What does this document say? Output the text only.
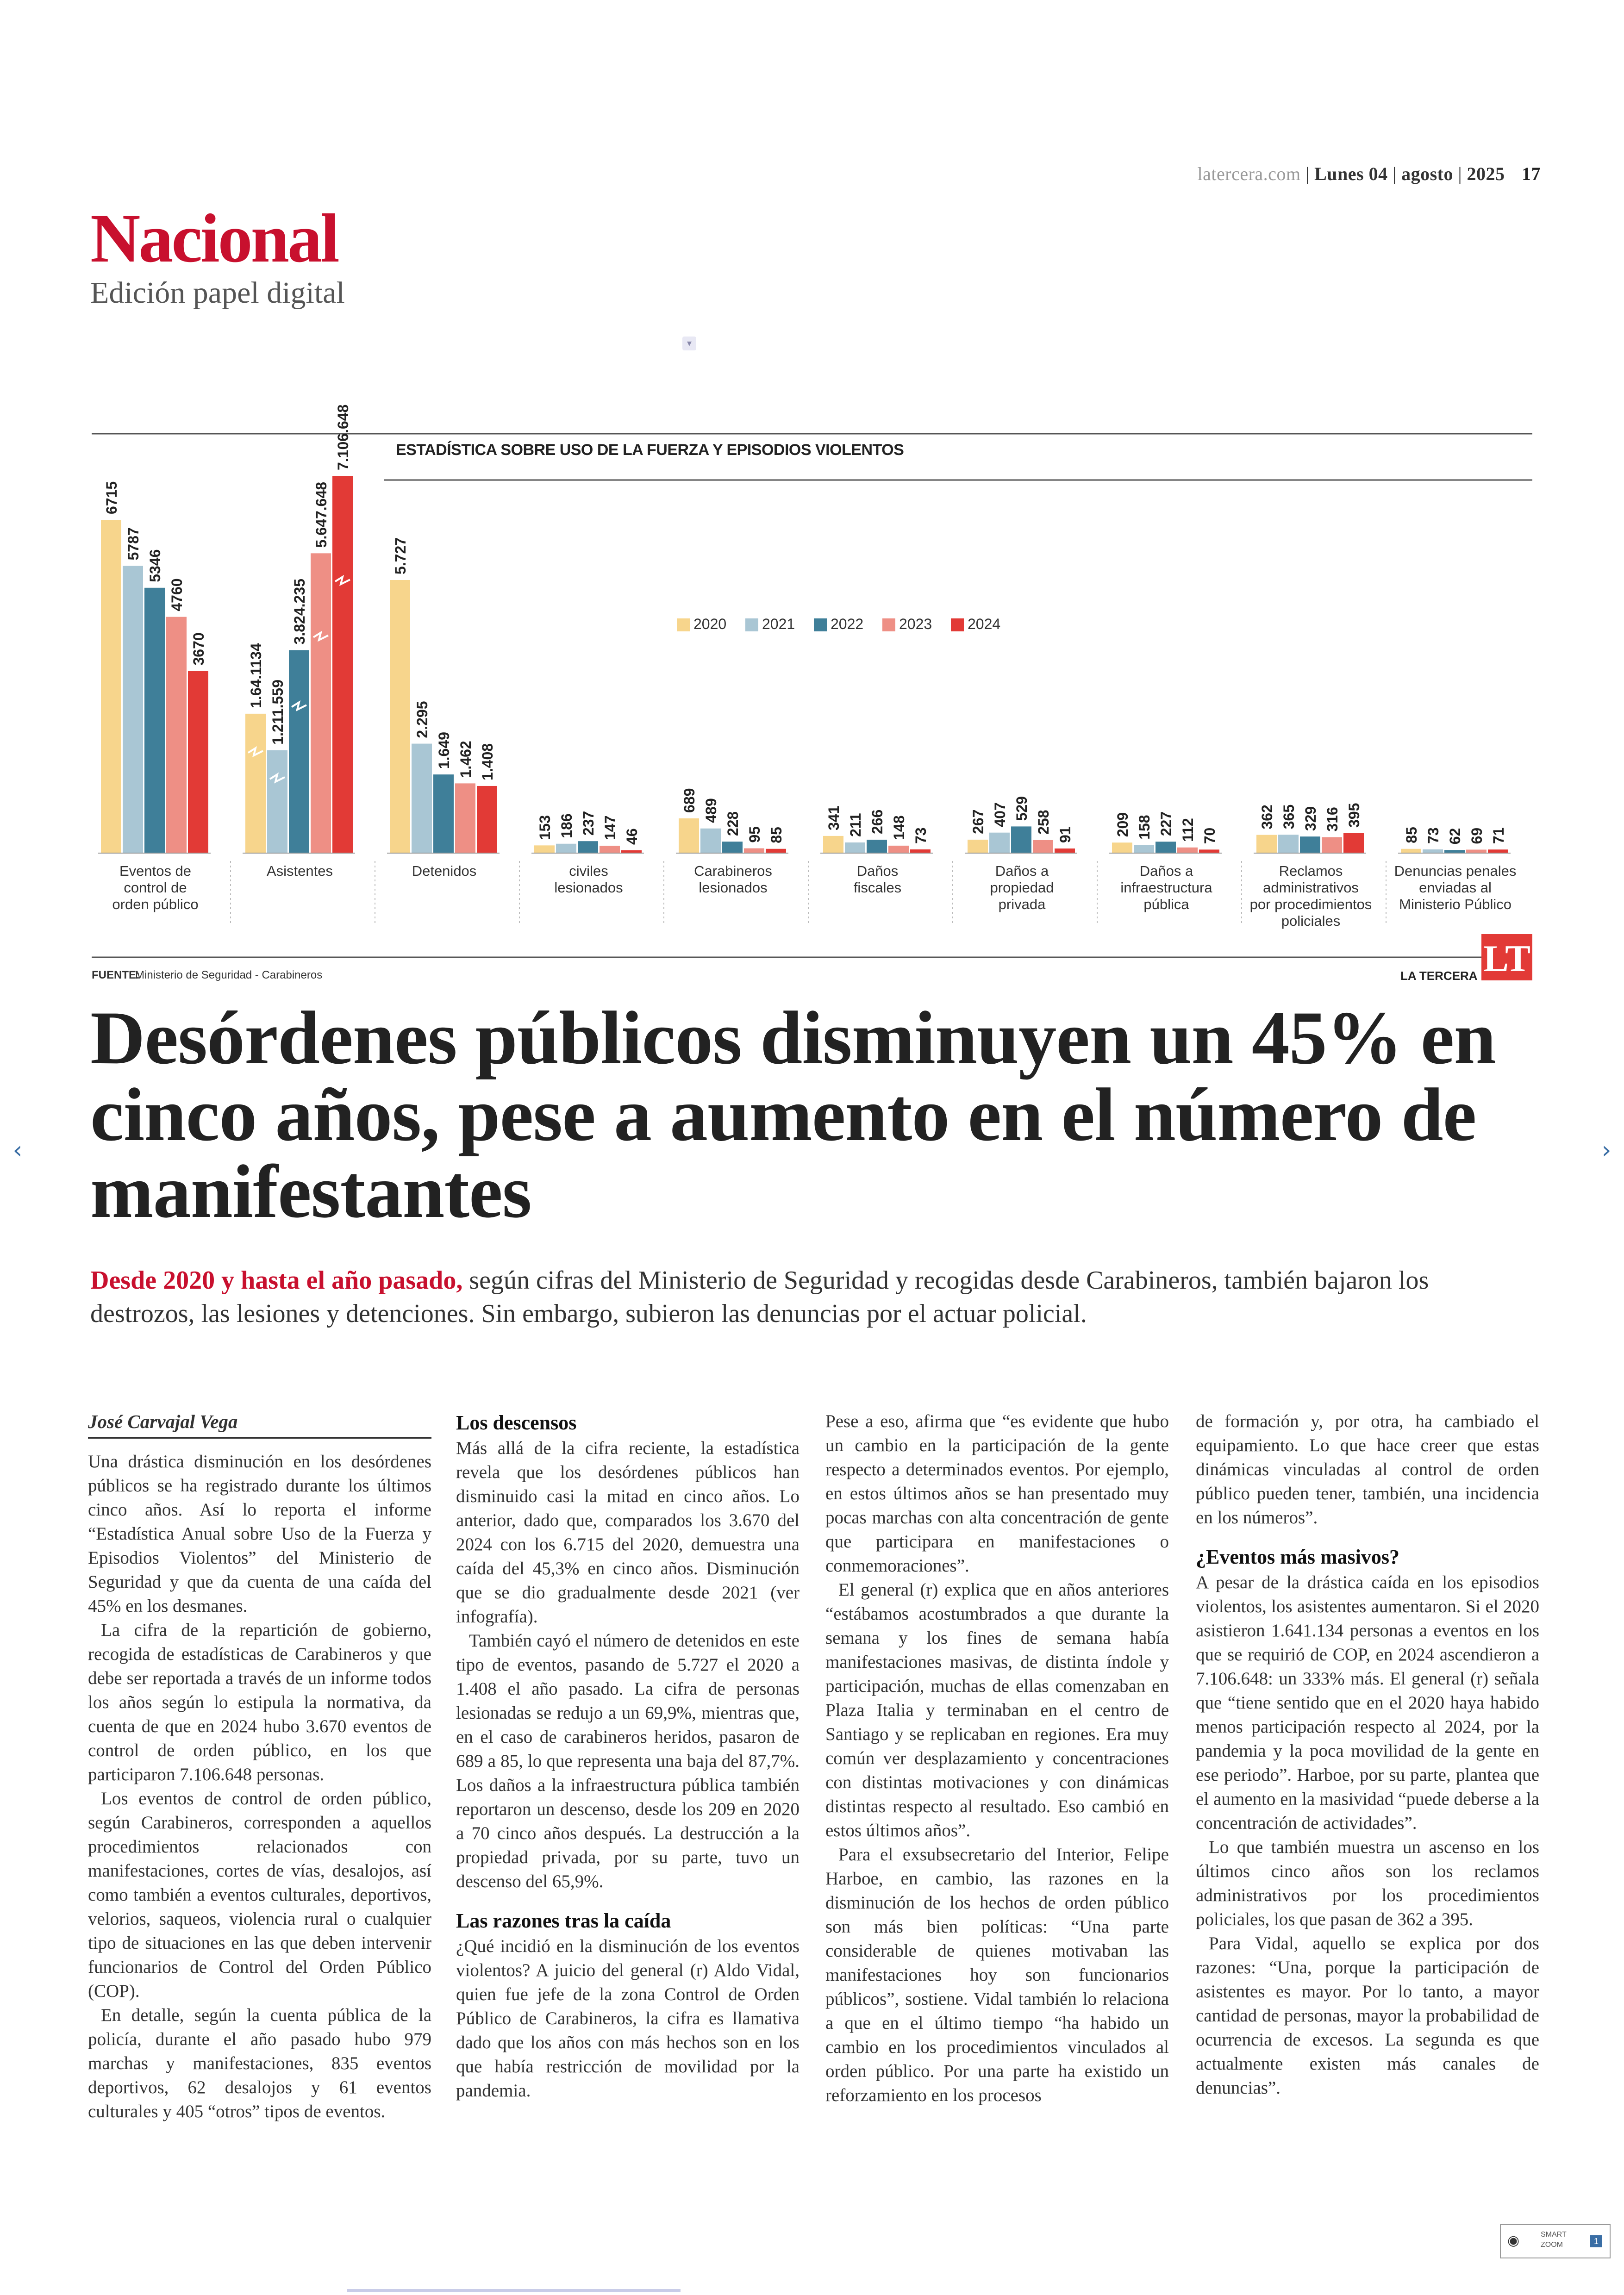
latercera.com | Lunes 04 | agosto | 2025 17
Nacional
Edición papel digital
▾
ESTADÍSTICA SOBRE USO DE LA FUERZA Y EPISODIOS VIOLENTOS
2020 2021 2022 2023 2024
6715
5787
5346
4760
3670
Eventos de
control de
orden público
1.64.1134
1.211.559
3.824.235
5.647.648
7.106.648
Asistentes
5.727
2.295
1.649 1.462 1.408
Detenidos
153 186 237 147 46
civiles
lesionados
689 489
228 95 85
Carabineros
lesionados
341 211 266 148 73
Daños
fiscales
267 407 529
258
91
Daños a
propiedad
privada
209 158 227 112 70
Daños a
infraestructura
pública
362 365 329 316 395
Reclamos
administrativos
por procedimientos
policiales
85 73 62 69 71
Denuncias penales
enviadas al
Ministerio Público
FUENTE:
Ministerio de Seguridad - Carabineros	LA TERCERA LT
Desórdenes públicos disminuyen un 45% en cinco años, pese a aumento en el número de manifestantes
Desde 2020 y hasta el año pasado, según cifras del Ministerio de Seguridad y recogidas desde Carabineros, también bajaron los destrozos, las lesiones y detenciones. Sin embargo, subieron las denuncias por el actuar policial.
José Carvajal Vega

Una drástica disminución en los desórdenes públicos se ha registrado durante los últimos cinco años. Así lo reporta el informe “Estadística Anual sobre Uso de la Fuerza y Episodios Violentos” del Ministerio de Seguridad y que da cuenta de una caída del 45% en los desmanes.

La cifra de la repartición de gobierno, recogida de estadísticas de Carabineros y que debe ser reportada a través de un informe todos los años según lo estipula la normativa, da cuenta de que en 2024 hubo 3.670 eventos de control de orden público, en los que participaron 7.106.648 personas.

Los eventos de control de orden público, según Carabineros, corresponden a aquellos procedimientos relacionados con manifestaciones, cortes de vías, desalojos, así como también a eventos culturales, deportivos, velorios, saqueos, violencia rural o cualquier tipo de situaciones en las que deben intervenir funcionarios de Control del Orden Público (COP).

En detalle, según la cuenta pública de la policía, durante el año pasado hubo 979 marchas y manifestaciones, 835 eventos deportivos, 62 desalojos y 61 eventos culturales y 405 “otros” tipos de eventos.

Los descensos

Más allá de la cifra reciente, la estadística revela que los desórdenes públicos han disminuido casi la mitad en cinco años. Lo anterior, dado que, comparados los 3.670 del 2024 con los 6.715 del 2020, demuestra una caída del 45,3% en cinco años. Disminución que se dio gradualmente desde 2021 (ver infografía).

También cayó el número de detenidos en este tipo de eventos, pasando de 5.727 el 2020 a 1.408 el año pasado. La cifra de personas lesionadas se redujo a un 69,9%, mientras que, en el caso de carabineros heridos, pasaron de 689 a 85, lo que representa una baja del 87,7%. Los daños a la infraestructura pública también reportaron un descenso, desde los 209 en 2020 a 70 cinco años después. La destrucción a la propiedad privada, por su parte, tuvo un descenso del 65,9%.

Las razones tras la caída

¿Qué incidió en la disminución de los eventos violentos? A juicio del general (r) Aldo Vidal, quien fue jefe de la zona Control de Orden Público de Carabineros, la cifra es llamativa dado que los años con más hechos son en los que había restricción de movilidad por la pandemia.

Pese a eso, afirma que “es evidente que hubo un cambio en la participación de la gente respecto a determinados eventos. Por ejemplo, en estos últimos años se han presentado muy pocas marchas con alta concentración de gente que participara en manifestaciones o conmemoraciones”.

El general (r) explica que en años anteriores “estábamos acostumbrados a que durante la semana y los fines de semana había manifestaciones masivas, de distinta índole y participación, muchas de ellas comenzaban en Plaza Italia y terminaban en el centro de Santiago y se replicaban en regiones. Era muy común ver desplazamiento y concentraciones con distintas motivaciones y con dinámicas distintas respecto al resultado. Eso cambió en estos últimos años”.

Para el exsubsecretario del Interior, Felipe Harboe, en cambio, las razones en la disminución de los hechos de orden público son más bien políticas: “Una parte considerable de quienes motivaban las manifestaciones hoy son funcionarios públicos”, sostiene. Vidal también lo relaciona a que en el último tiempo “ha habido un cambio en los procedimientos vinculados al orden público. Por una parte ha existido un reforzamiento en los procesos

de formación y, por otra, ha cambiado el equipamiento. Lo que hace creer que estas dinámicas vinculadas al control de orden público pueden tener, también, una incidencia en los números”.

¿Eventos más masivos?

A pesar de la drástica caída en los episodios violentos, los asistentes aumentaron. Si el 2020 asistieron 1.641.134 personas a eventos en los que se requirió de COP, en 2024 ascendieron a 7.106.648: un 333% más. El general (r) señala que “tiene sentido que en el 2020 haya habido menos participación respecto al 2024, por la pandemia y la poca movilidad de la gente en ese periodo”. Harboe, por su parte, plantea que el aumento en la masividad “puede deberse a la concentración de actividades”.

Lo que también muestra un ascenso en los últimos cinco años son los reclamos administrativos por los procedimientos policiales, los que pasan de 362 a 395.

Para Vidal, aquello se explica por dos razones: “Una, porque la participación de asistentes es mayor. Por lo tanto, a mayor cantidad de personas, mayor la probabilidad de ocurrencia de excesos. La segunda es que actualmente existen más canales de denuncias”.

‹	›
◉	SMART
ZOOM	1
